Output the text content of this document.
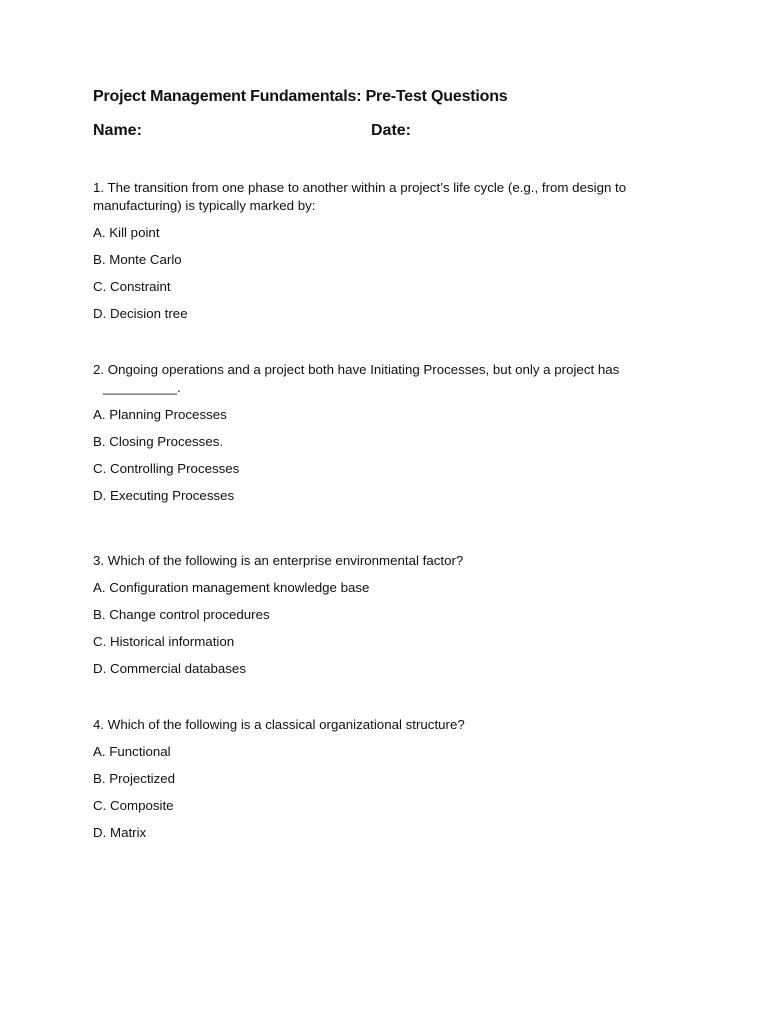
Project Management Fundamentals: Pre-Test Questions
Name:	Date:

1. The transition from one phase to another within a project’s life cycle (e.g., from design to manufacturing) is typically marked by:

A. Kill point
B. Monte Carlo
C. Constraint
D. Decision tree

2. Ongoing operations and a project both have Initiating Processes, but only a project has

__________.

A. Planning Processes
B. Closing Processes.
C. Controlling Processes
D. Executing Processes

3. Which of the following is an enterprise environmental factor?

A. Configuration management knowledge base
B. Change control procedures
C. Historical information
D. Commercial databases

4. Which of the following is a classical organizational structure?

A. Functional
B. Projectized
C. Composite
D. Matrix
